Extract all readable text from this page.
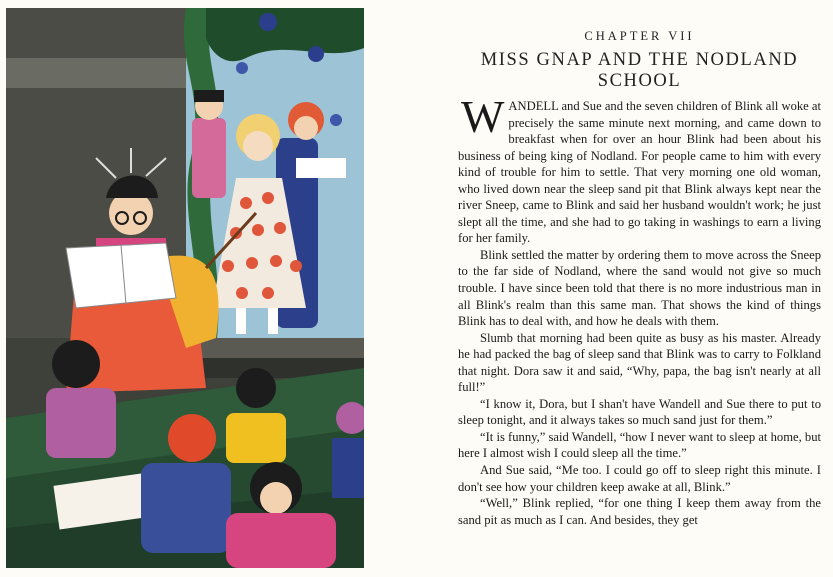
CHAPTER VII
MISS GNAP AND THE NODLAND SCHOOL

WANDELL and Sue and the seven children of Blink all woke at precisely the same minute next morning, and came down to breakfast when for over an hour Blink had been about his business of being king of Nodland. For people came to him with every kind of trouble for him to settle. That very morning one old woman, who lived down near the sleep sand pit that Blink always kept near the river Sneep, came to Blink and said her husband wouldn't work; he just slept all the time, and she had to go taking in washings to earn a living for her family.

Blink settled the matter by ordering them to move across the Sneep to the far side of Nodland, where the sand would not give so much trouble. I have since been told that there is no more industrious man in all Blink's realm than this same man. That shows the kind of things Blink has to deal with, and how he deals with them.

Slumb that morning had been quite as busy as his master. Already he had packed the bag of sleep sand that Blink was to carry to Folkland that night. Dora saw it and said, “Why, papa, the bag isn't nearly at all full!”

“I know it, Dora, but I shan't have Wandell and Sue there to put to sleep tonight, and it always takes so much sand just for them.”

“It is funny,” said Wandell, “how I never want to sleep at home, but here I almost wish I could sleep all the time.”

And Sue said, “Me too. I could go off to sleep right this minute. I don't see how your children keep awake at all, Blink.”

“Well,” Blink replied, “for one thing I keep them away from the sand pit as much as I can. And besides, they get
